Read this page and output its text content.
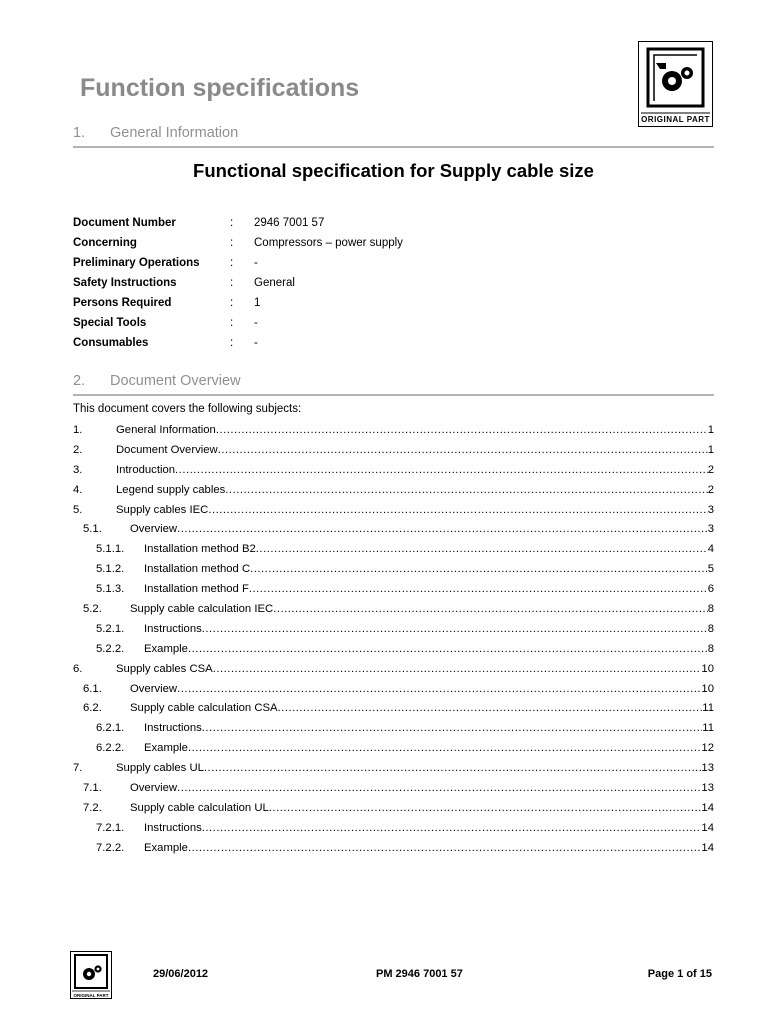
ORIGINAL PART
Function specifications
1. General Information
Functional specification for Supply cable size
Document Number	: 2946 7001 57
Concerning	: Compressors – power supply
Preliminary Operations	: -
Safety Instructions	: General
Persons Required	: 1
Special Tools	: -
Consumables	: -
2. Document Overview
This document covers the following subjects:
1.	General Information .....	1
2.	Document Overview .....	1
3.	Introduction .....	2
4.	Legend supply cables .....	2
5.	Supply cables IEC .....	3
5.1. Overview .....	3
5.1.1. Installation method B2 .....	4
5.1.2. Installation method C .....	5
5.1.3. Installation method F .....	6
5.2. Supply cable calculation IEC .....	8
5.2.1. Instructions .....	8
5.2.2. Example .....	8
6.	Supply cables CSA .....	10
6.1. Overview .....	10
6.2. Supply cable calculation CSA .....	11
6.2.1. Instructions .....	11
6.2.2. Example .....	12
7.	Supply cables UL .....	13
7.1. Overview .....	13
7.2. Supply cable calculation UL .....	14
7.2.1. Instructions .....	14
7.2.2. Example .....	14
ORIGINAL PART
29/06/2012	PM 2946 7001 57	Page 1 of 15
